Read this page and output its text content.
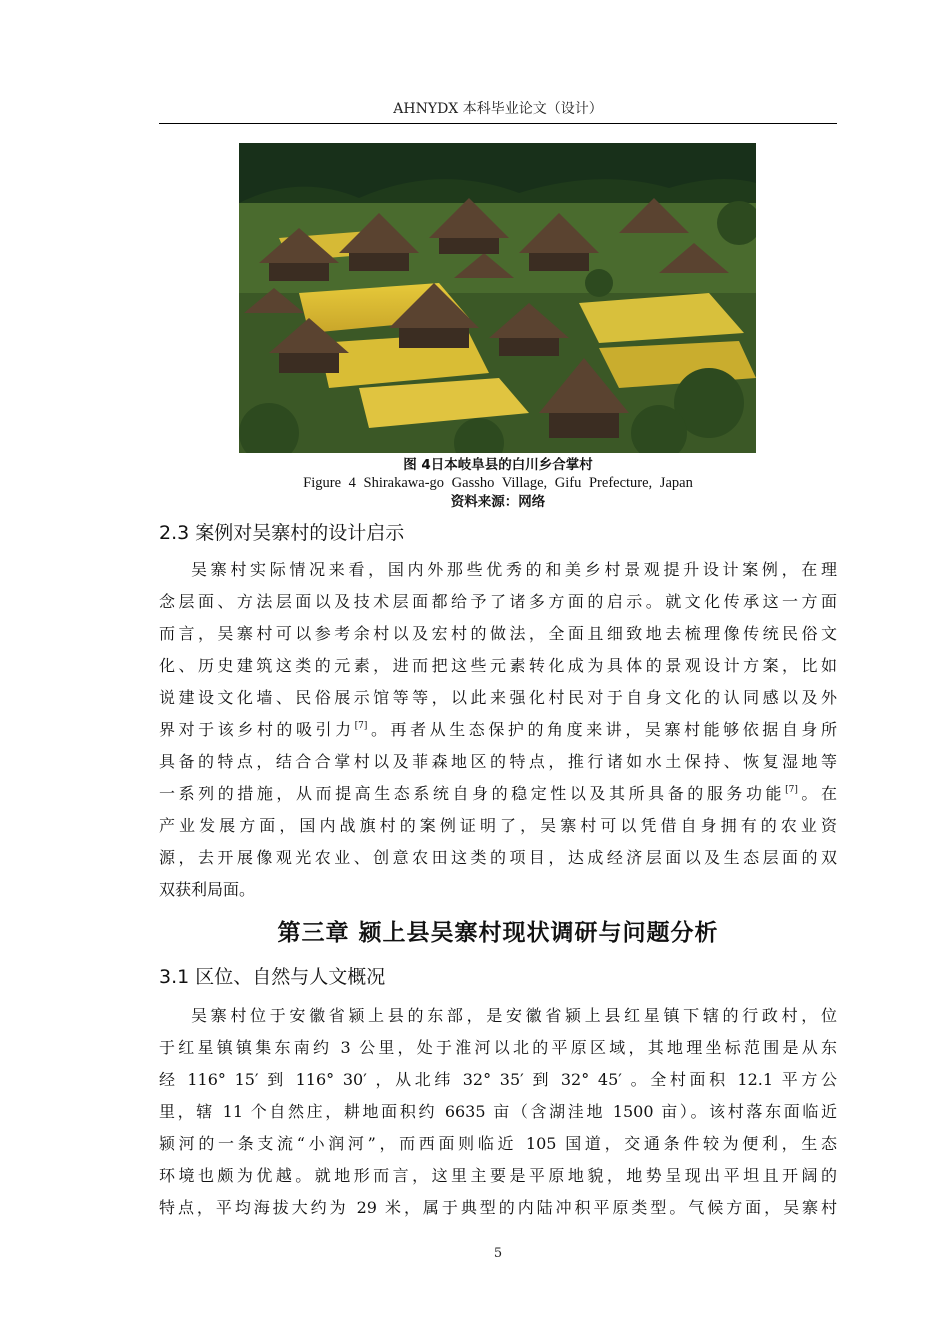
AHNYDX 本科毕业论文（设计）
图 4日本岐阜县的白川乡合掌村
Figure 4 Shirakawa-go Gassho Village, Gifu Prefecture, Japan
资料来源：网络
2.3 案例对吴寨村的设计启示
吴寨村实际情况来看，国内外那些优秀的和美乡村景观提升设计案例，在理
念层面、方法层面以及技术层面都给予了诸多方面的启示。就文化传承这一方面
而言，吴寨村可以参考余村以及宏村的做法，全面且细致地去梳理像传统民俗文
化、历史建筑这类的元素，进而把这些元素转化成为具体的景观设计方案，比如
说建设文化墙、民俗展示馆等等，以此来强化村民对于自身文化的认同感以及外
界对于该乡村的吸引力[7]。再者从生态保护的角度来讲，吴寨村能够依据自身所
具备的特点，结合合掌村以及菲森地区的特点，推行诸如水土保持、恢复湿地等
一系列的措施，从而提高生态系统自身的稳定性以及其所具备的服务功能[7]。在
产业发展方面，国内战旗村的案例证明了，吴寨村可以凭借自身拥有的农业资
源，去开展像观光农业、创意农田这类的项目，达成经济层面以及生态层面的双
双获利局面。
第三章 颍上县吴寨村现状调研与问题分析
3.1 区位、自然与人文概况
吴寨村位于安徽省颍上县的东部，是安徽省颍上县红星镇下辖的行政村，位
于红星镇镇集东南约 3 公里，处于淮河以北的平原区域，其地理坐标范围是从东
经 116° 15′ 到 116° 30′ ，从北纬 32° 35′ 到 32° 45′ 。全村面积 12.1 平方公
里，辖 11 个自然庄，耕地面积约 6635 亩（含湖洼地 1500 亩）。该村落东面临近
颍河的一条支流“小润河”，而西面则临近 105 国道，交通条件较为便利，生态
环境也颇为优越。就地形而言，这里主要是平原地貌，地势呈现出平坦且开阔的
特点，平均海拔大约为 29 米，属于典型的内陆冲积平原类型。气候方面，吴寨村
5
